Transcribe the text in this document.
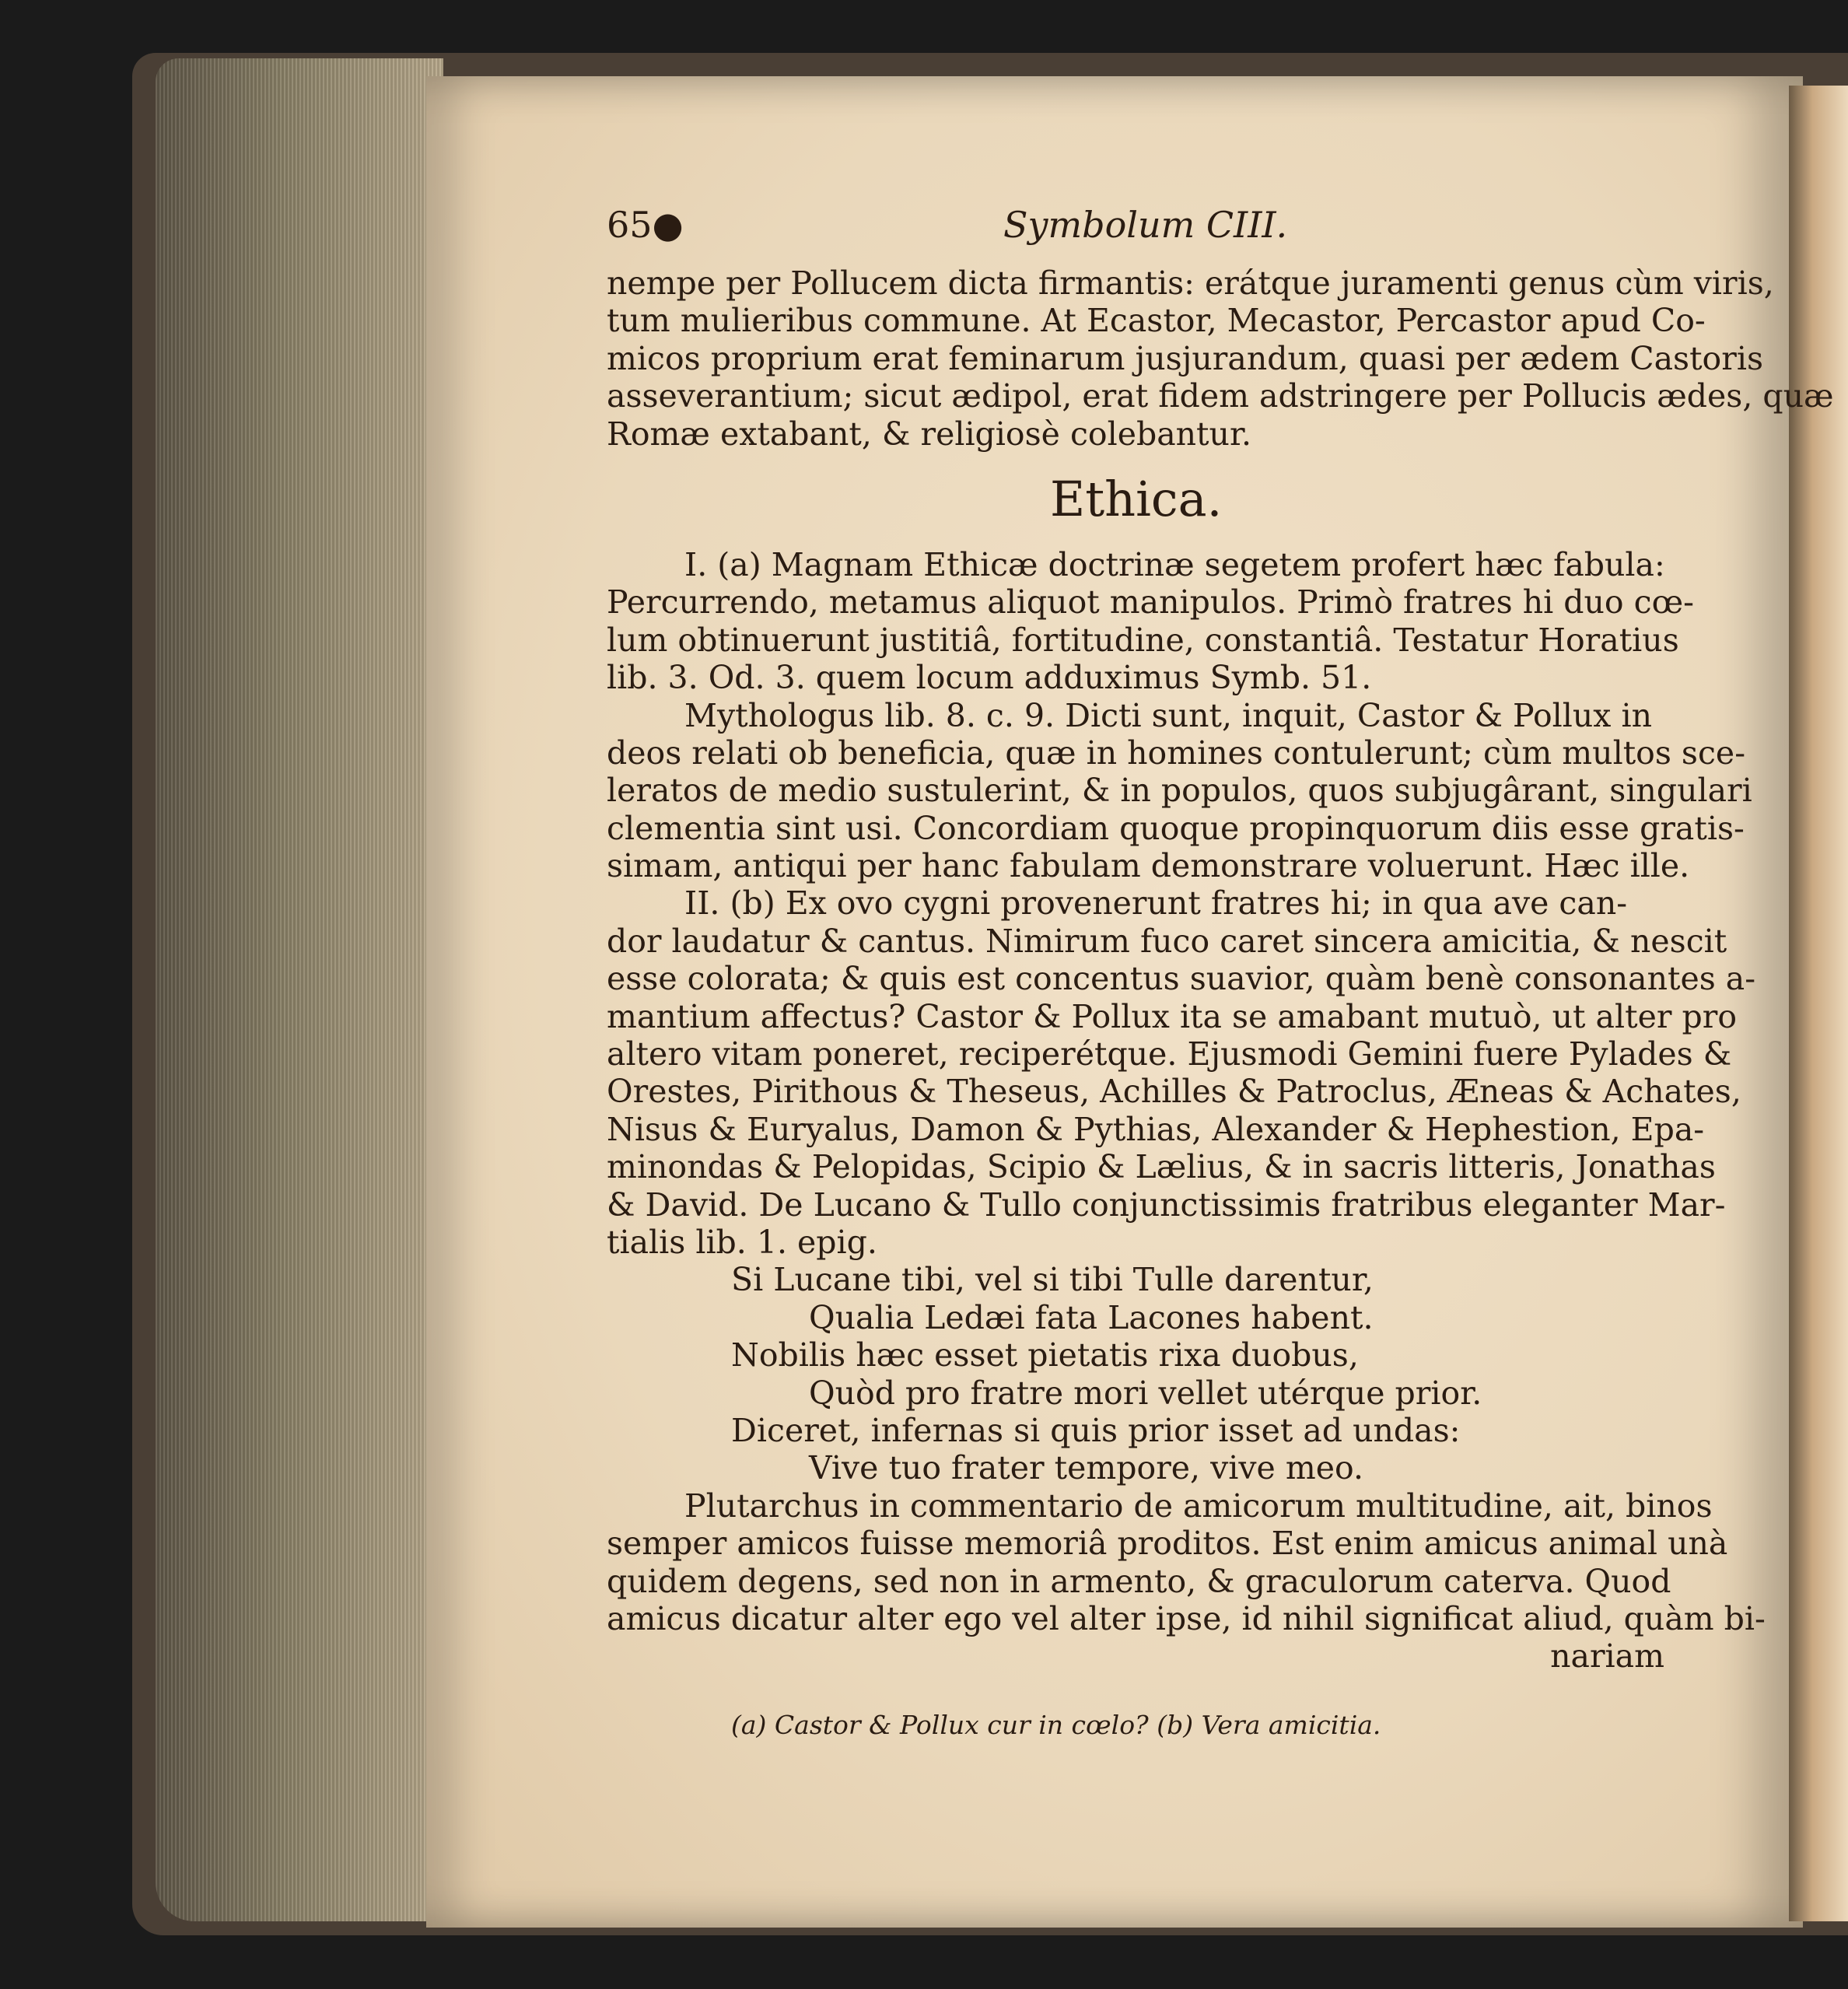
65●	Symbolum CIII.
nempe per Pollucem dicta firmantis: erátque juramenti genus cùm viris,
tum mulieribus commune. At Ecastor, Mecastor, Percastor apud Co-
micos proprium erat feminarum jusjurandum, quasi per ædem Castoris
asseverantium; sicut ædipol, erat fidem adstringere per Pollucis ædes, quæ
Romæ extabant, & religiosè colebantur.
Ethica.
I. (a) Magnam Ethicæ doctrinæ segetem profert hæc fabula:
Percurrendo, metamus aliquot manipulos. Primò fratres hi duo cœ-
lum obtinuerunt justitiâ, fortitudine, constantiâ. Testatur Horatius
lib. 3. Od. 3. quem locum adduximus Symb. 51.
Mythologus lib. 8. c. 9. Dicti sunt, inquit, Castor & Pollux in
deos relati ob beneficia, quæ in homines contulerunt; cùm multos sce-
leratos de medio sustulerint, & in populos, quos subjugârant, singulari
clementia sint usi. Concordiam quoque propinquorum diis esse gratis-
simam, antiqui per hanc fabulam demonstrare voluerunt. Hæc ille.
II. (b) Ex ovo cygni provenerunt fratres hi; in qua ave can-
dor laudatur & cantus. Nimirum fuco caret sincera amicitia, & nescit
esse colorata; & quis est concentus suavior, quàm benè consonantes a-
mantium affectus? Castor & Pollux ita se amabant mutuò, ut alter pro
altero vitam poneret, reciperétque. Ejusmodi Gemini fuere Pylades &
Orestes, Pirithous & Theseus, Achilles & Patroclus, Æneas & Achates,
Nisus & Euryalus, Damon & Pythias, Alexander & Hephestion, Epa-
minondas & Pelopidas, Scipio & Lælius, & in sacris litteris, Jonathas
& David. De Lucano & Tullo conjunctissimis fratribus eleganter Mar-
tialis lib. 1. epig.
Si Lucane tibi, vel si tibi Tulle darentur,
Qualia Ledæi fata Lacones habent.
Nobilis hæc esset pietatis rixa duobus,
Quòd pro fratre mori vellet utérque prior.
Diceret, infernas si quis prior isset ad undas:
Vive tuo frater tempore, vive meo.
Plutarchus in commentario de amicorum multitudine, ait, binos
semper amicos fuisse memoriâ proditos. Est enim amicus animal unà
quidem degens, sed non in armento, & graculorum caterva. Quod
amicus dicatur alter ego vel alter ipse, id nihil significat aliud, quàm bi-
nariam
(a) Castor & Pollux cur in cœlo? (b) Vera amicitia.
